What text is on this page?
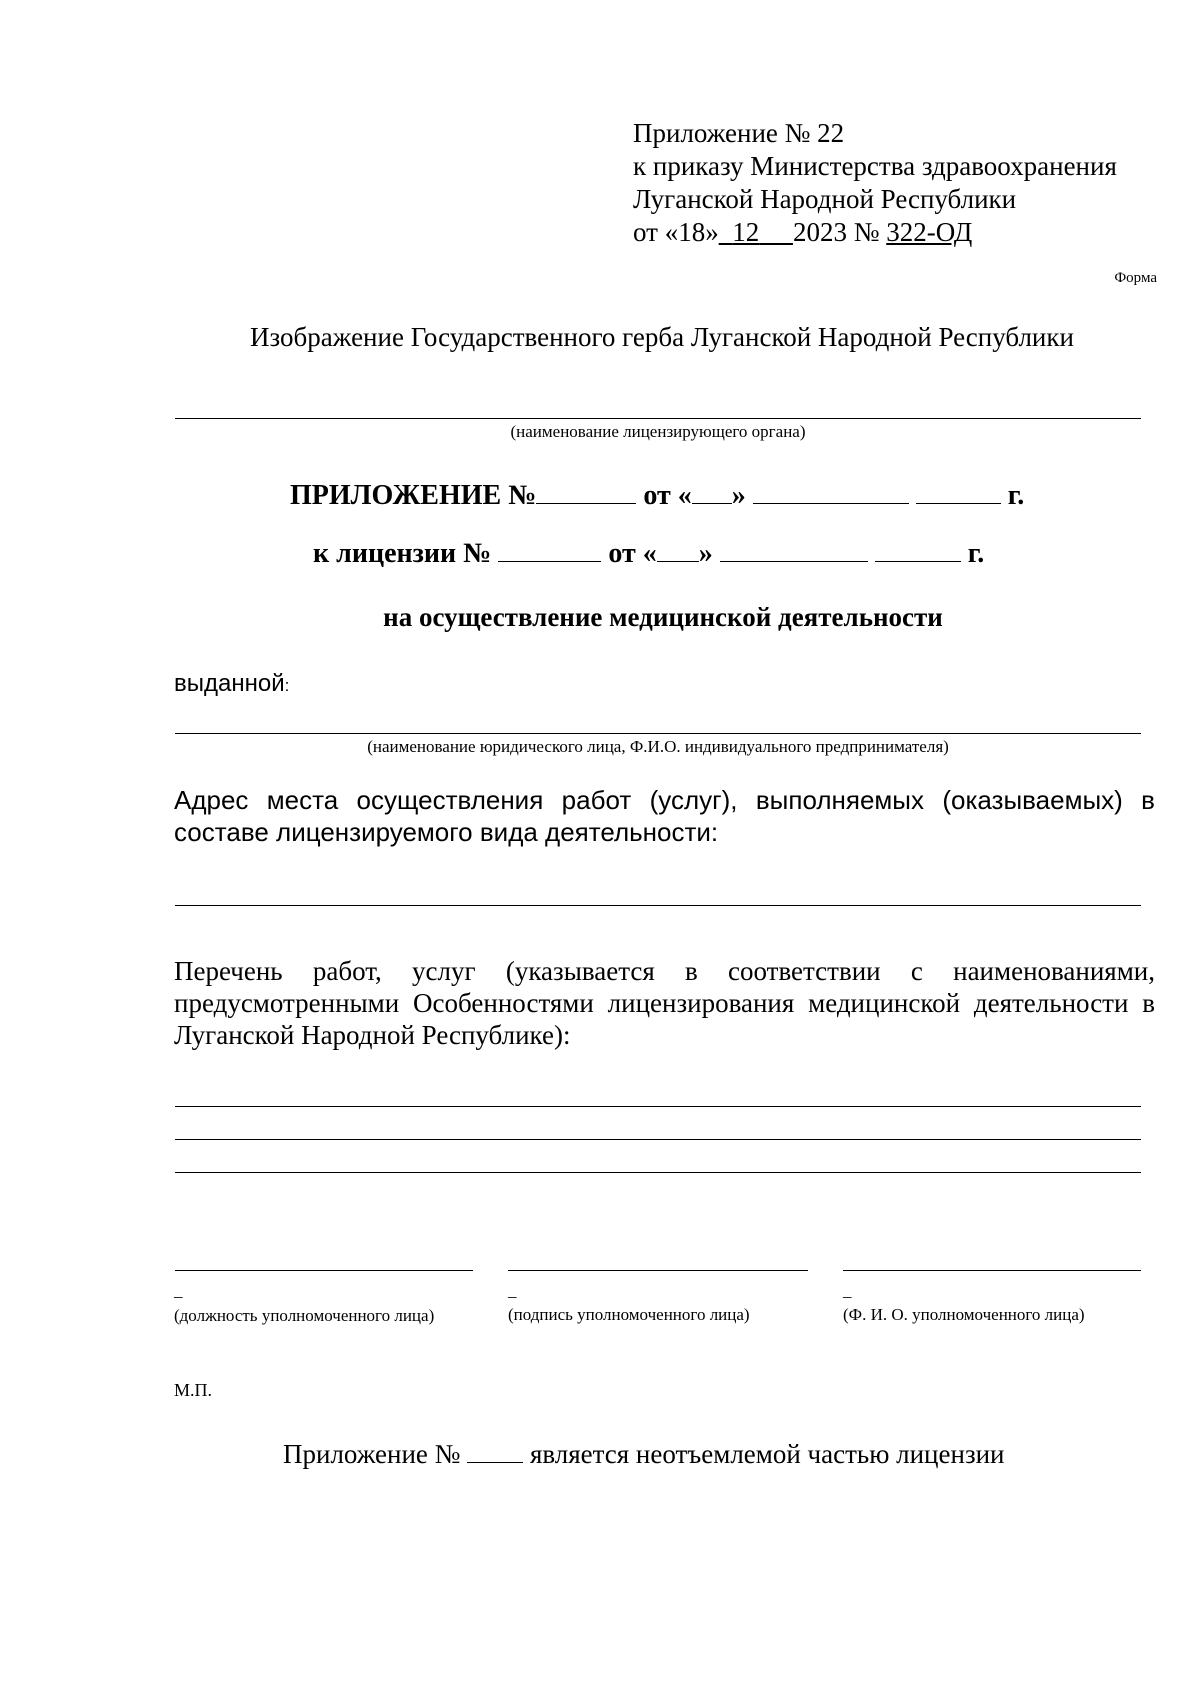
Приложение № 22
к приказу Министерства здравоохранения
Луганской Народной Республики
от «18» 12 2023 № 322-ОД
Форма
Изображение Государственного герба Луганской Народной Республики
(наименование лицензирующего органа)
ПРИЛОЖЕНИЕ №	от « »	г.
к лицензии №	от « »	г.
на осуществление медицинской деятельности
выданной:
(наименование юридического лица, Ф.И.О. индивидуального предпринимателя)
Адрес места осуществления работ (услуг), выполняемых (оказываемых) в составе лицензируемого вида деятельности:
Перечень работ, услуг (указывается в соответствии с наименованиями, предусмотренными Особенностями лицензирования медицинской деятельности в Луганской Народной Республике):
_	_	_
(должность уполномоченного лица)	(подпись уполномоченного лица)	(Ф. И. О. уполномоченного лица)
М.П.
Приложение №	является неотъемлемой частью лицензии
